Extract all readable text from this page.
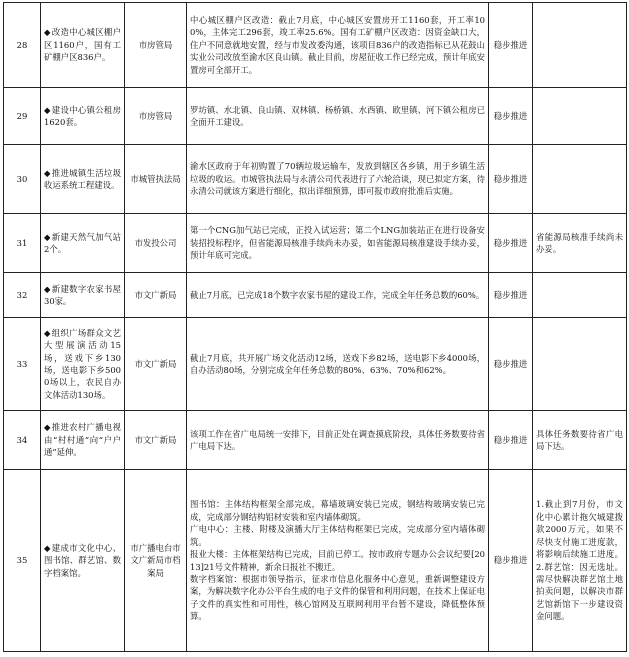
28	◆改造中心城区棚户区1160户，国有工矿棚户区836户。	市房管局	中心城区棚户区改造：截止7月底，中心城区安置房开工1160套，开工率100%，主体完工296套，竣工率25.6%。国有工矿棚户区改造：因资金缺口大，住户不同意就地安置，经与市发改委沟通，该项目836户的改造指标已从花鼓山实业公司改放至渝水区良山镇。截止目前，房屋征收工作已经完成，预计年底安置房可全部开工。	稳步推进	
29	◆建设中心镇公租房1620套。	市房管局	罗坊镇、水北镇、良山镇、双林镇、杨桥镇、水西镇、欧里镇、河下镇公租房已全面开工建设。	稳步推进	
30	◆推进城镇生活垃圾收运系统工程建设。	市城管执法局	渝水区政府于年初购置了70辆垃圾运输车，发放到辖区各乡镇，用于乡镇生活垃圾的收运。市城管执法局与永清公司代表进行了六轮洽谈，现已拟定方案，待永清公司就该方案进行细化，拟出详细预算，即可报市政府批准后实施。	稳步推进	
31	◆新建天然气加气站2个。	市发投公司	第一个CNG加气站已完成，正投入试运营；第二个LNG加装站正在进行设备安装招投标程序，但省能源局核准手续尚未办妥，如省能源局核准建设手续办妥，预计年底可完成。	稳步推进	省能源局核准手续尚未办妥。
32	◆新建数字农家书屋30家。	市文广新局	截止7月底，已完成18个数字农家书屋的建设工作，完成全年任务总数的60%。	稳步推进	
33	◆组织广场群众文艺大型展演活动15场，送戏下乡130场，送电影下乡5000场以上，农民自办文体活动130场。	市文广新局	截止7月底，共开展广场文化活动12场，送戏下乡82场，送电影下乡4000场，自办活动80场，分别完成全年任务总数的80%、63%、70%和62%。	稳步推进	
34	◆推进农村广播电视由“村村通”向“户户通”延伸。	市文广新局	该项工作在省广电局统一安排下，目前正处在调查摸底阶段，具体任务数要待省广电局下达。	稳步推进	具体任务数要待省广电局下达。
35	◆建成市文化中心、图书馆、群艺馆、数字档案馆。	市广播电台市文广新局市档案局	图书馆：主体结构框架全部完成，幕墙玻璃安装已完成，钢结构玻璃安装已完成，完成部分钢结构铝材安装和室内墙体砌筑。

广电中心：主楼、附楼及演播大厅主体结构框架已完成，完成部分室内墙体砌筑。

报业大楼：主体框架结构已完成，目前已停工。按市政府专题办公会议纪要[2013]21号文件精神，新余日报社不搬迁。

数字档案馆：根据市领导指示，征求市信息化服务中心意见，重新调整建设方案，为解决数字化办公平台生成的电子文件的保管和利用问题，在技术上保证电子文件的真实性和可用性，核心馆网及互联网利用平台暂不建设，降低整体预算。	稳步推进	1.截止到7月份，市文化中心累计拖欠城建拨款2000万元，如果不尽快支付施工进度款，将影响后续施工进度。2.群艺馆：因无选址。需尽快解决群艺馆土地拍卖问题，以解决市群艺馆新馆下一步建设资金问题。
